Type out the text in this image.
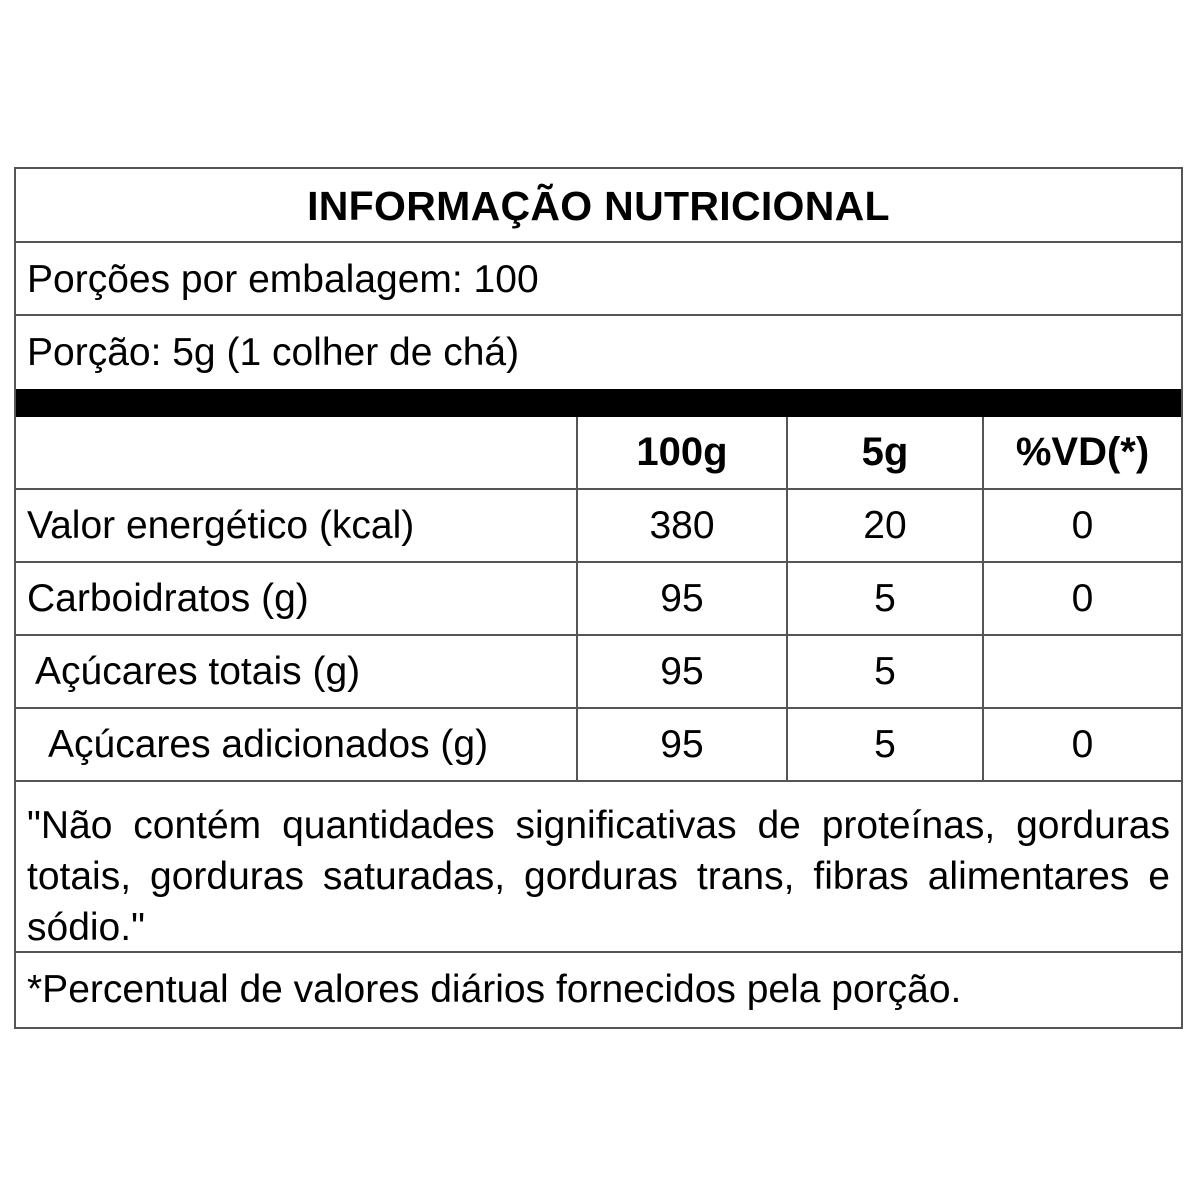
INFORMAÇÃO NUTRICIONAL
Porções por embalagem: 100
Porção: 5g (1 colher de chá)
	100g	5g	%VD(*)
Valor energético (kcal)	380	20	0
Carboidratos (g)	95	5	0
Açúcares totais (g)	95	5	
Açúcares adicionados (g)	95	5	0
"Não contém quantidades significativas de proteínas, gorduras totais, gorduras saturadas, gorduras trans, fibras alimentares e sódio."
*Percentual de valores diários fornecidos pela porção.
